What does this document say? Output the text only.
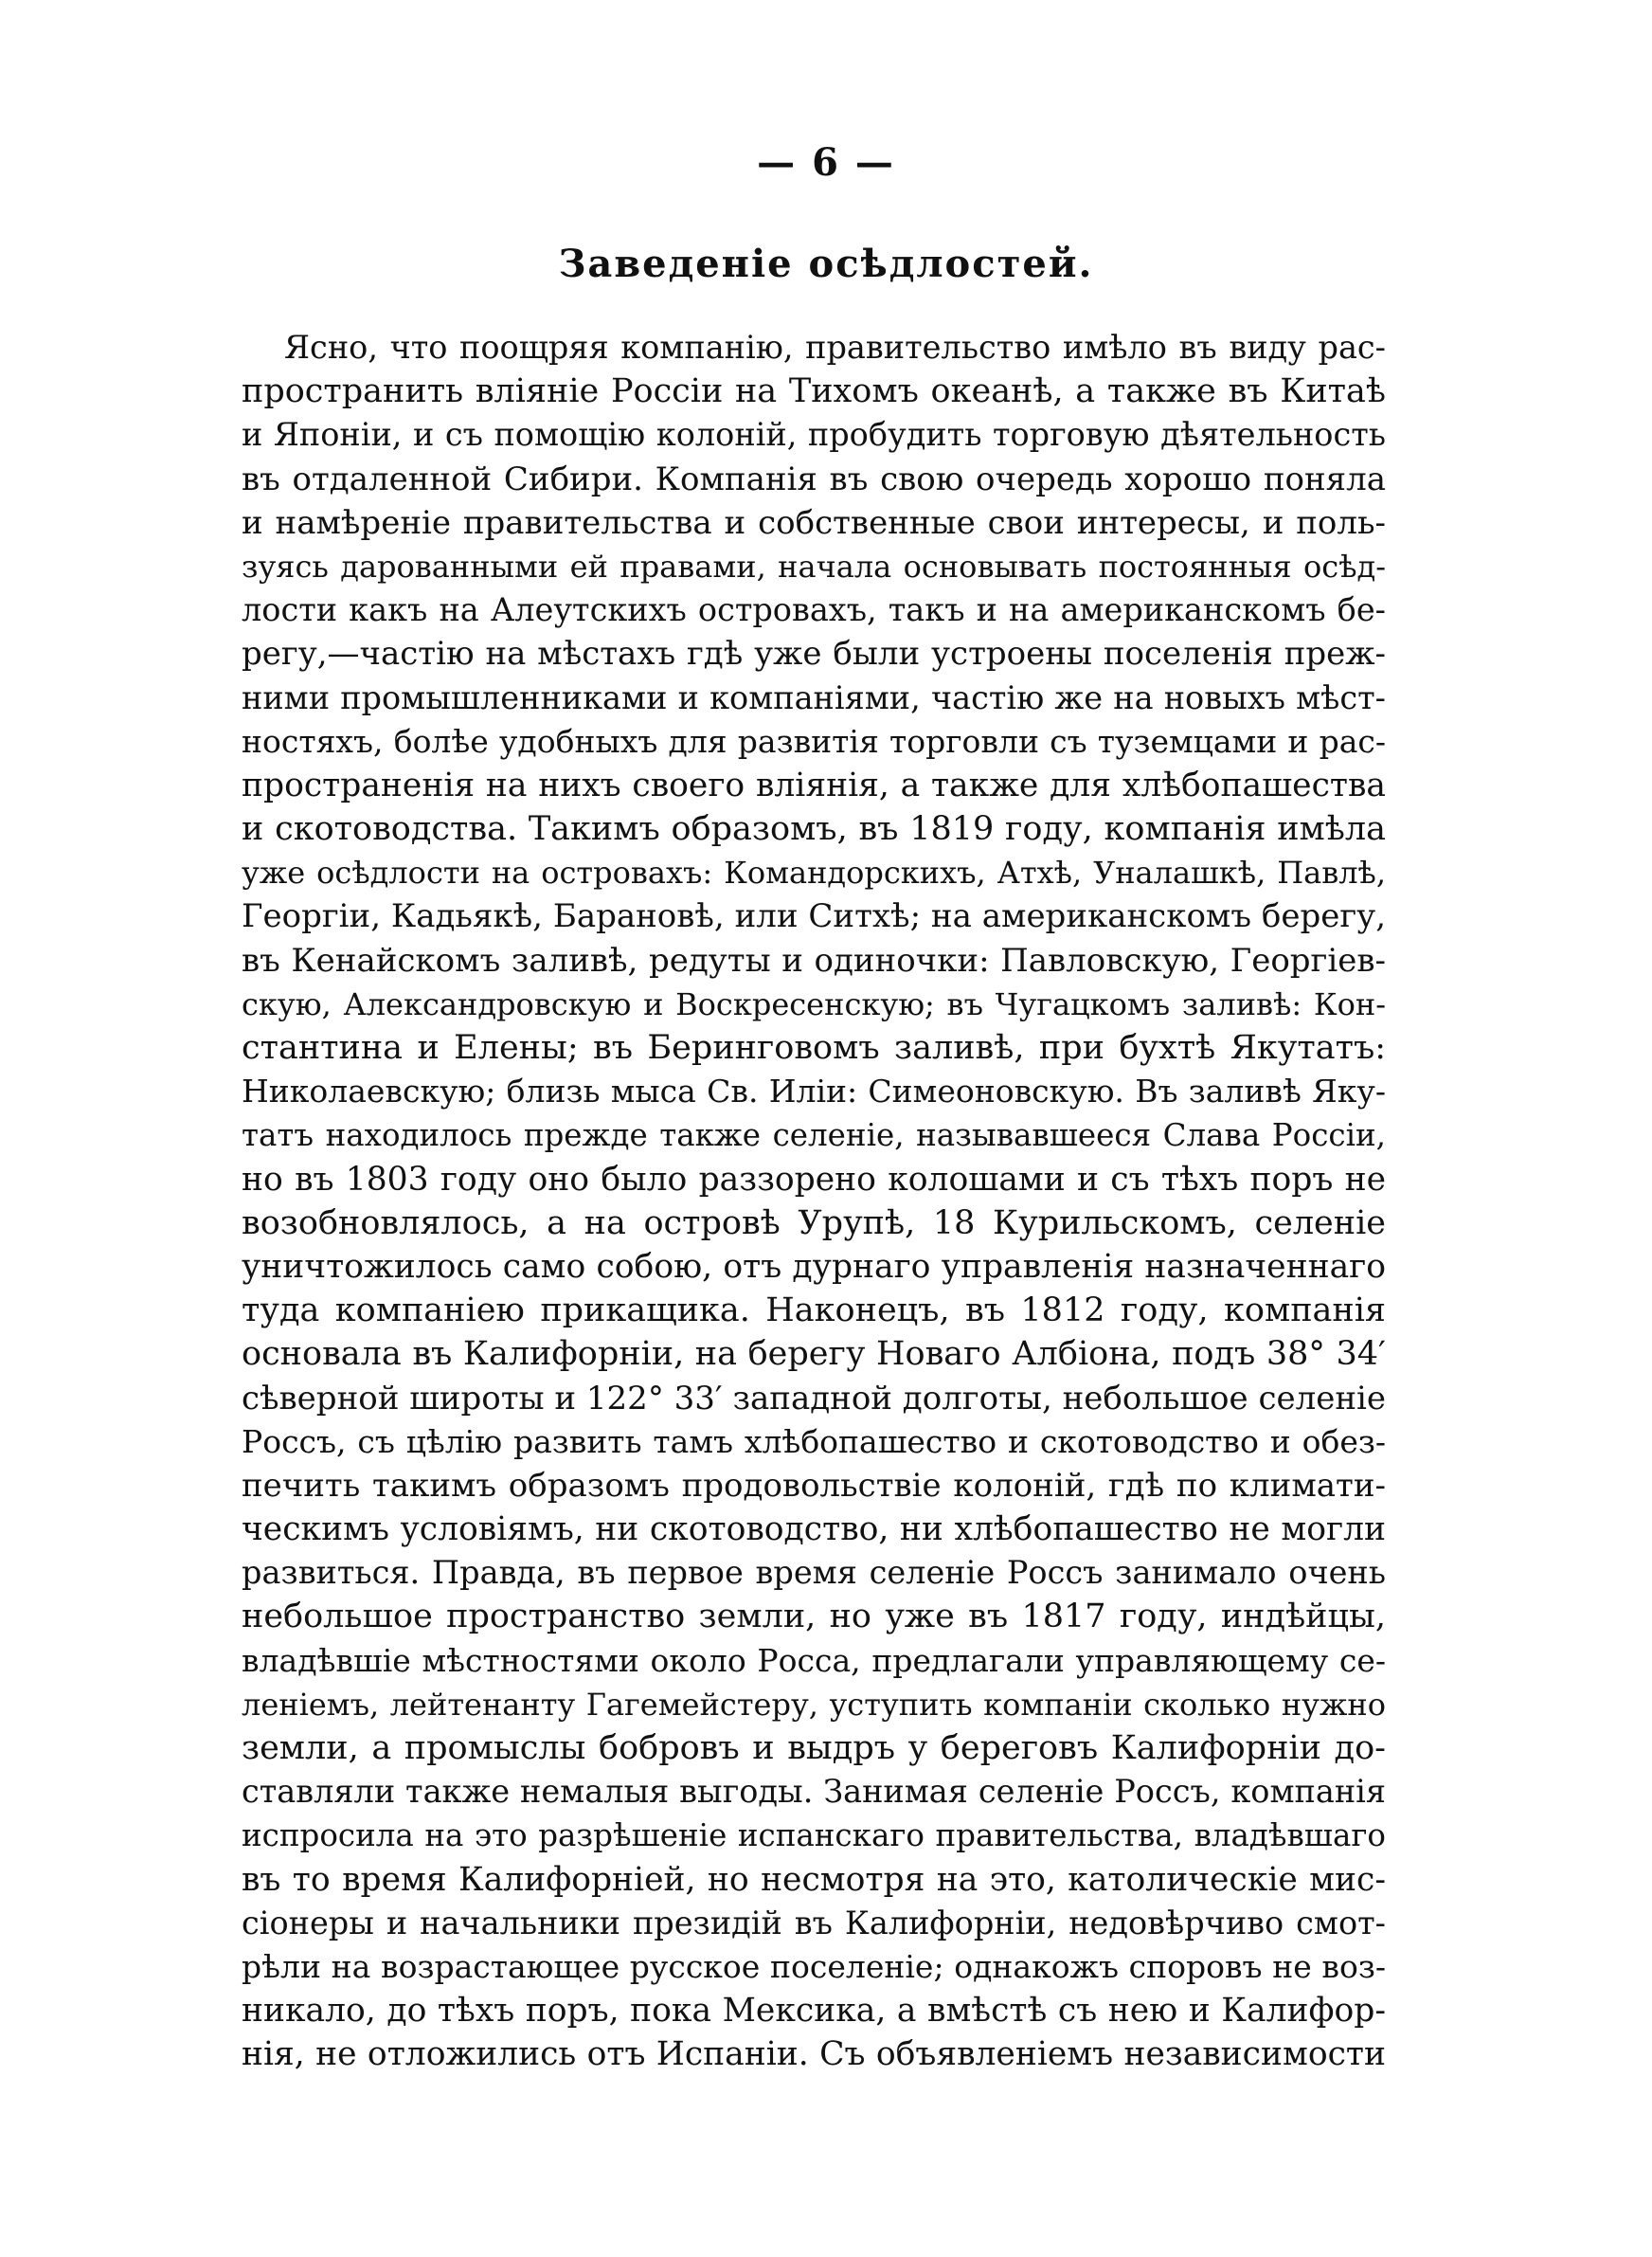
— 6 —
Заведеніе осѣдлостей.
Ясно, что поощряя компанію, правительство имѣло въ виду рас-
пространить вліяніе Россіи на Тихомъ океанѣ, а также въ Китаѣ
и Японіи, и съ помощію колоній, пробудить торговую дѣятельность
въ отдаленной Сибири. Компанія въ свою очередь хорошо поняла
и намѣреніе правительства и собственные свои интересы, и поль-
зуясь дарованными ей правами, начала основывать постоянныя осѣд-
лости какъ на Алеутскихъ островахъ, такъ и на американскомъ бе-
регу,—частію на мѣстахъ гдѣ уже были устроены поселенія преж-
ними промышленниками и компаніями, частію же на новыхъ мѣст-
ностяхъ, болѣе удобныхъ для развитія торговли съ туземцами и рас-
пространенія на нихъ своего вліянія, а также для хлѣбопашества
и скотоводства. Такимъ образомъ, въ 1819 году, компанія имѣла
уже осѣдлости на островахъ: Командорскихъ, Атхѣ, Уналашкѣ, Павлѣ,
Георгіи, Кадьякѣ, Барановѣ, или Ситхѣ; на американскомъ берегу,
въ Кенайскомъ заливѣ, редуты и одиночки: Павловскую, Георгіев-
скую, Александровскую и Воскресенскую; въ Чугацкомъ заливѣ: Кон-
стантина и Елены; въ Беринговомъ заливѣ, при бухтѣ Якутатъ:
Николаевскую; близь мыса Св. Иліи: Симеоновскую. Въ заливѣ Яку-
татъ находилось прежде также селеніе, называвшееся Слава Россіи,
но въ 1803 году оно было раззорено колошами и съ тѣхъ поръ не
возобновлялось, а на островѣ Урупѣ, 18 Курильскомъ, селеніе
уничтожилось само собою, отъ дурнаго управленія назначеннаго
туда компаніею прикащика. Наконецъ, въ 1812 году, компанія
основала въ Калифорніи, на берегу Новаго Албіона, подъ 38° 34′
сѣверной широты и 122° 33′ западной долготы, небольшое селеніе
Россъ, съ цѣлію развить тамъ хлѣбопашество и скотоводство и обез-
печить такимъ образомъ продовольствіе колоній, гдѣ по климати-
ческимъ условіямъ, ни скотоводство, ни хлѣбопашество не могли
развиться. Правда, въ первое время селеніе Россъ занимало очень
небольшое пространство земли, но уже въ 1817 году, индѣйцы,
владѣвшіе мѣстностями около Росса, предлагали управляющему се-
леніемъ, лейтенанту Гагемейстеру, уступить компаніи сколько нужно
земли, а промыслы бобровъ и выдръ у береговъ Калифорніи до-
ставляли также немалыя выгоды. Занимая селеніе Россъ, компанія
испросила на это разрѣшеніе испанскаго правительства, владѣвшаго
въ то время Калифорніей, но несмотря на это, католическіе мис-
сіонеры и начальники президій въ Калифорніи, недовѣрчиво смот-
рѣли на возрастающее русское поселеніе; однакожъ споровъ не воз-
никало, до тѣхъ поръ, пока Мексика, а вмѣстѣ съ нею и Калифор-
нія, не отложились отъ Испаніи. Съ объявленіемъ независимости
